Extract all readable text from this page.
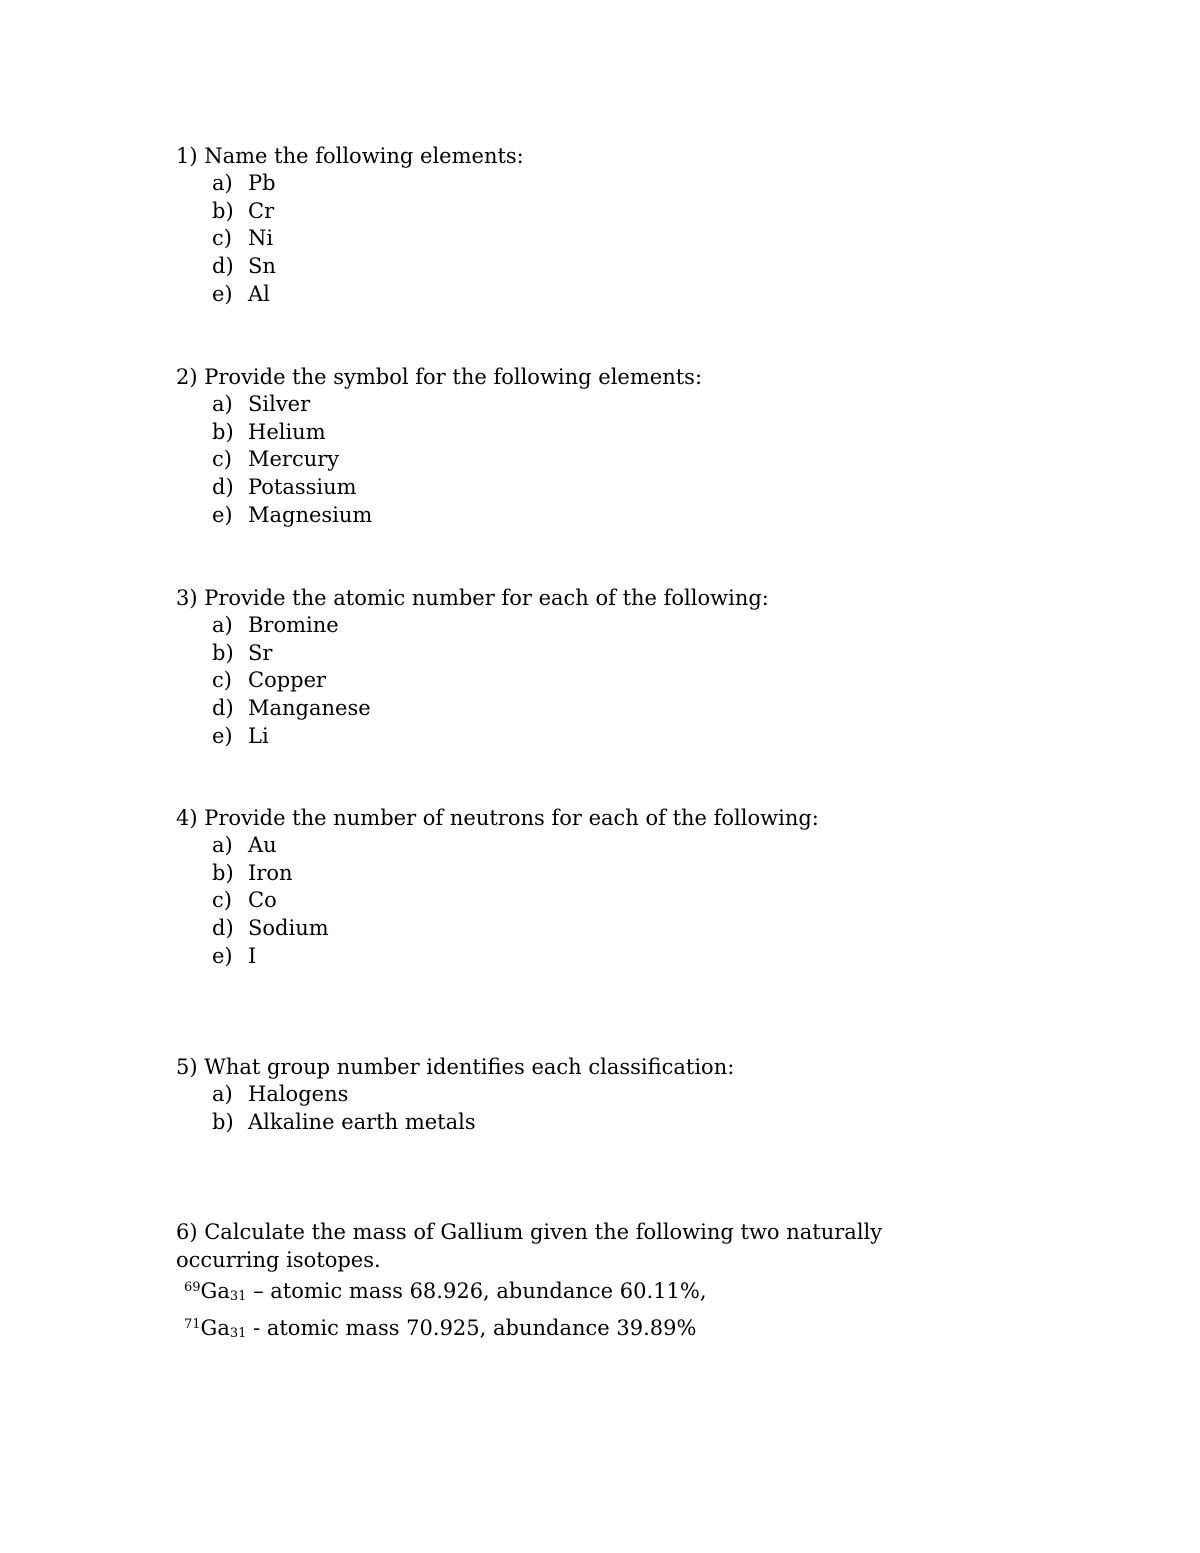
1) Name the following elements:
a) Pb
b) Cr
c) Ni
d) Sn
e) Al
2) Provide the symbol for the following elements:
a) Silver
b) Helium
c) Mercury
d) Potassium
e) Magnesium
3) Provide the atomic number for each of the following:
a) Bromine
b) Sr
c) Copper
d) Manganese
e) Li
4) Provide the number of neutrons for each of the following:
a) Au
b) Iron
c) Co
d) Sodium
e) I
5) What group number identifies each classification:
a) Halogens
b) Alkaline earth metals
6) Calculate the mass of Gallium given the following two naturally occurring isotopes.
$^{69}Ga_{31}$ – atomic mass 68.926, abundance 60.11%,
$^{71}Ga_{31}$ - atomic mass 70.925, abundance 39.89%
